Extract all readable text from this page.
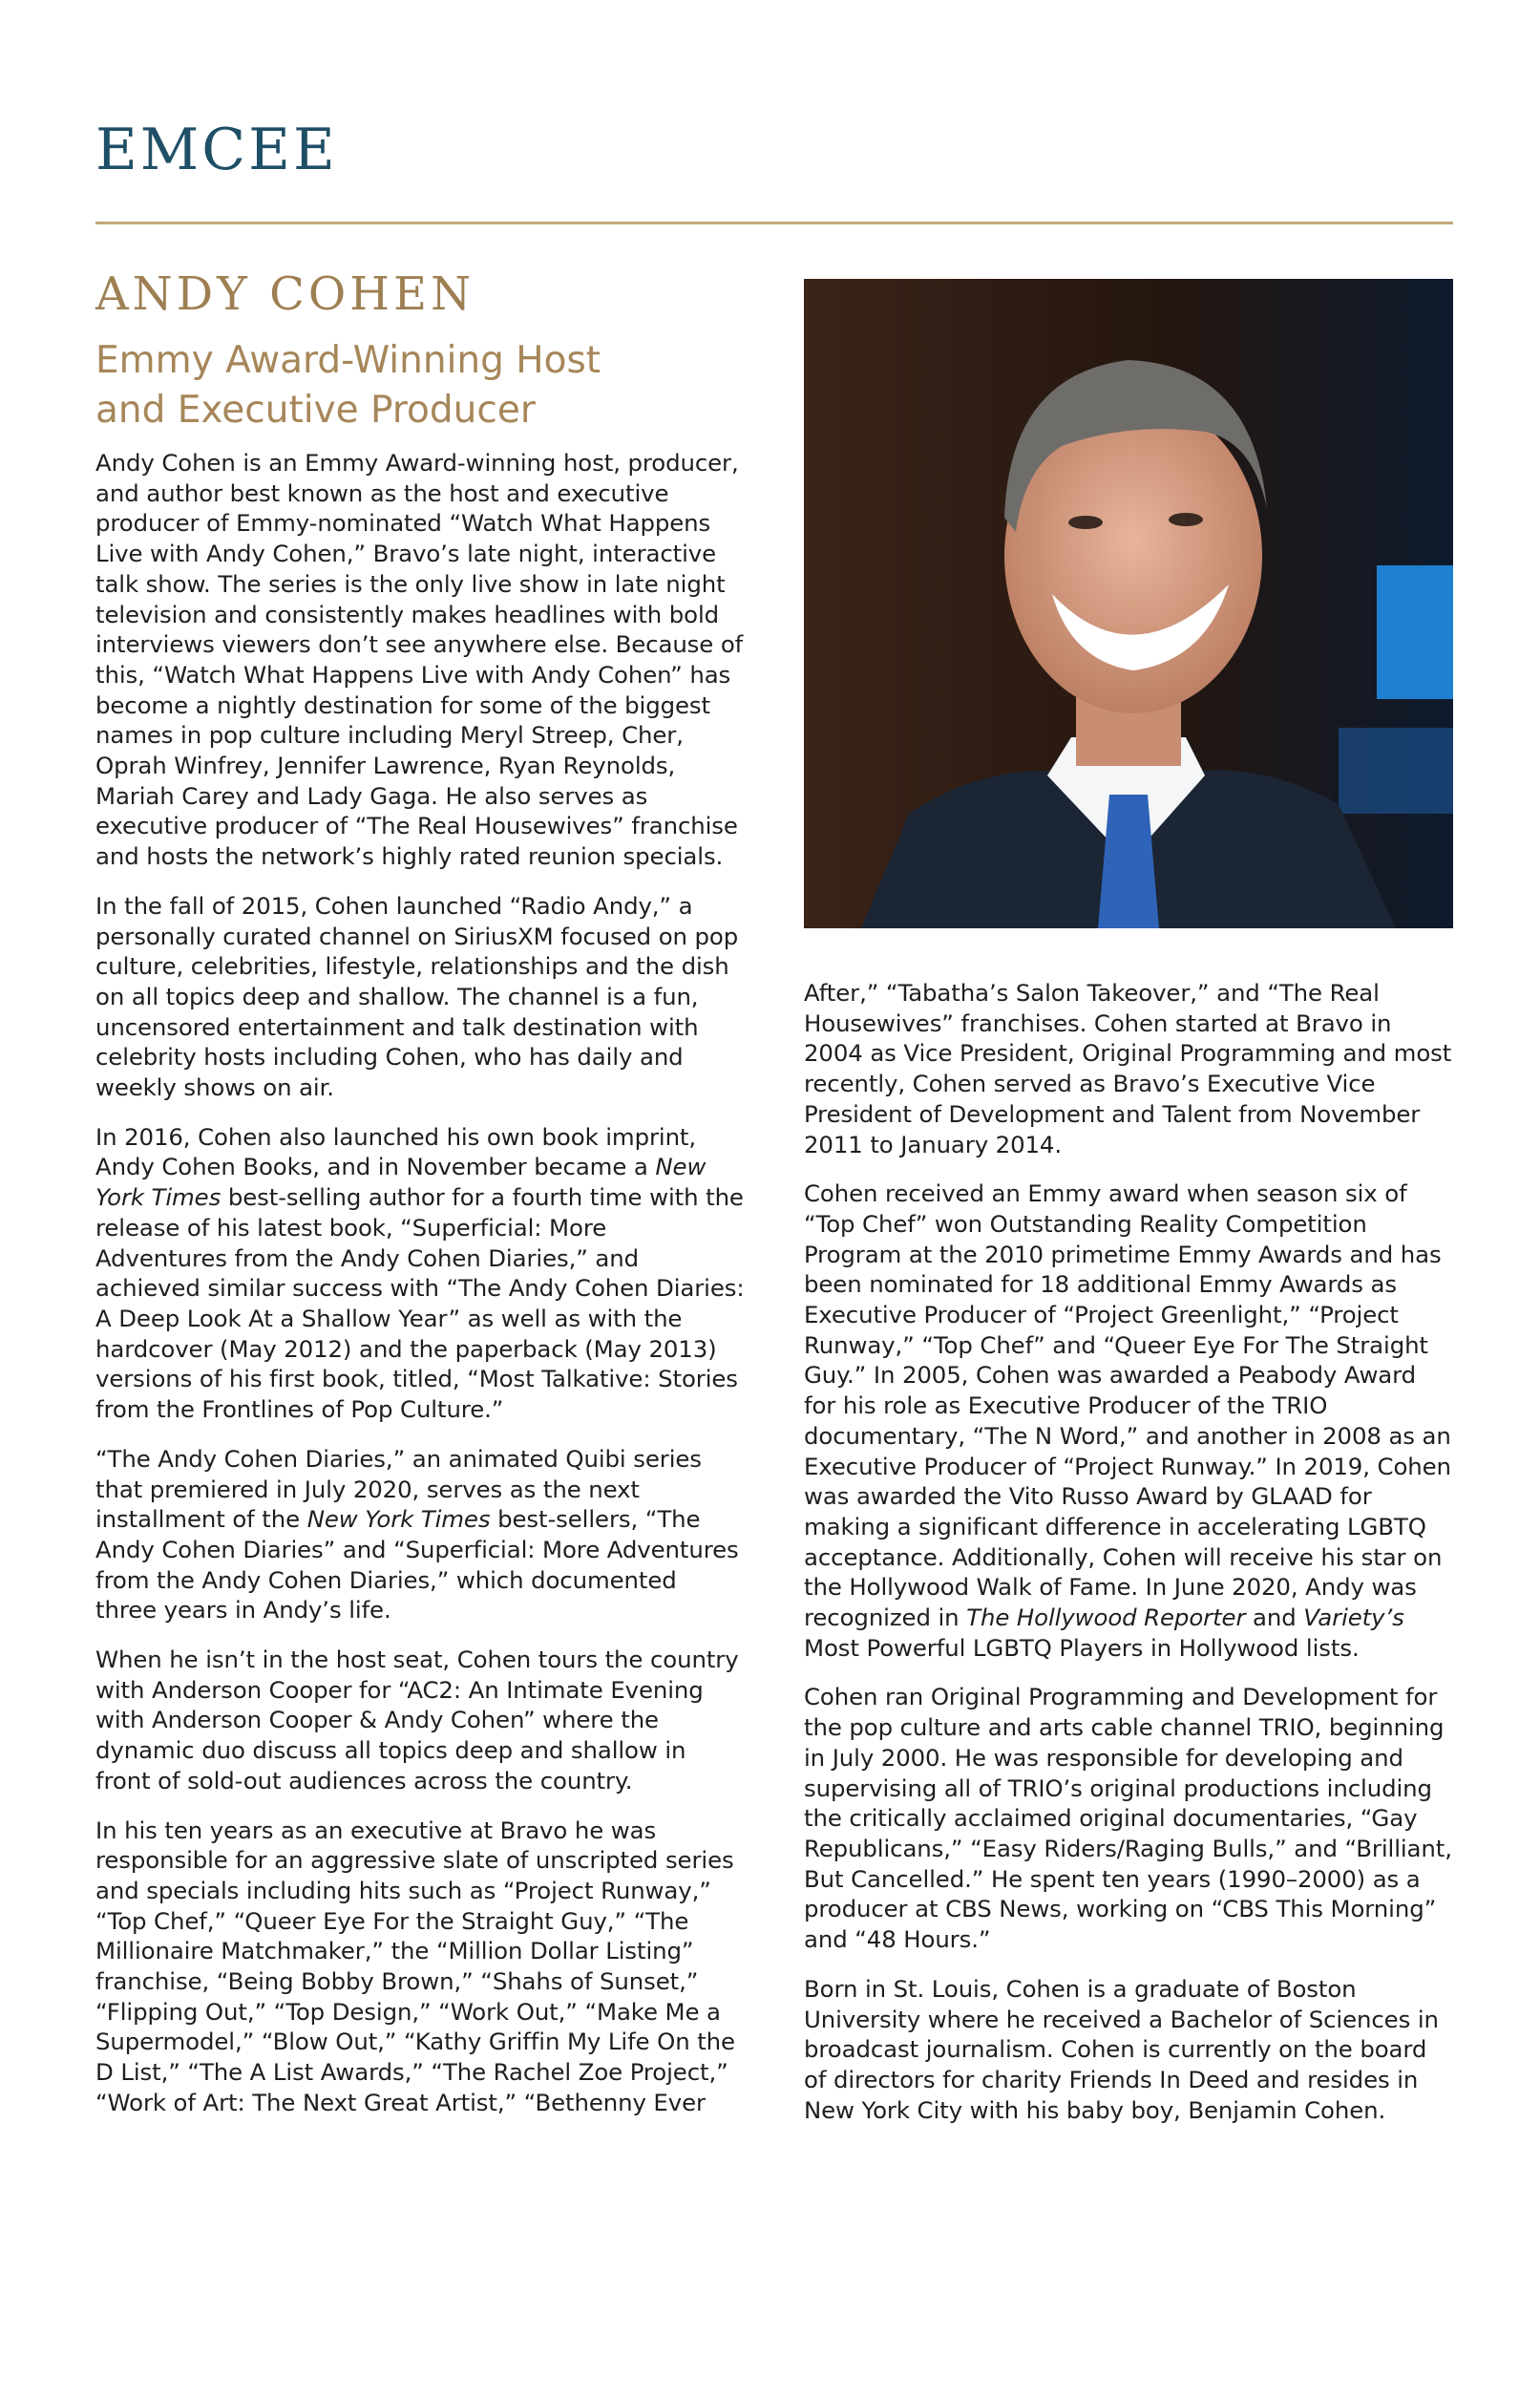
EMCEE
ANDY COHEN
Emmy Award-Winning Host
and Executive Producer

Andy Cohen is an Emmy Award-winning host, producer, and author best known as the host and executive producer of Emmy-nominated “Watch What Happens Live with Andy Cohen,” Bravo’s late night, interactive talk show. The series is the only live show in late night television and consistently makes headlines with bold interviews viewers don’t see anywhere else. Because of this, “Watch What Happens Live with Andy Cohen” has become a nightly destination for some of the biggest names in pop culture including Meryl Streep, Cher, Oprah Winfrey, Jennifer Lawrence, Ryan Reynolds, Mariah Carey and Lady Gaga. He also serves as executive producer of “The Real Housewives” franchise and hosts the network’s highly rated reunion specials.

In the fall of 2015, Cohen launched “Radio Andy,” a personally curated channel on SiriusXM focused on pop culture, celebrities, lifestyle, relationships and the dish on all topics deep and shallow. The channel is a fun, uncensored entertainment and talk destination with celebrity hosts including Cohen, who has daily and weekly shows on air.

In 2016, Cohen also launched his own book imprint, Andy Cohen Books, and in November became a New York Times best-selling author for a fourth time with the release of his latest book, “Superficial: More Adventures from the Andy Cohen Diaries,” and achieved similar success with “The Andy Cohen Diaries: A Deep Look At a Shallow Year” as well as with the hardcover (May 2012) and the paperback (May 2013) versions of his first book, titled, “Most Talkative: Stories from the Frontlines of Pop Culture.”

“The Andy Cohen Diaries,” an animated Quibi series that premiered in July 2020, serves as the next installment of the New York Times best-sellers, “The Andy Cohen Diaries” and “Superficial: More Adventures from the Andy Cohen Diaries,” which documented three years in Andy’s life.

When he isn’t in the host seat, Cohen tours the country with Anderson Cooper for “AC2: An Intimate Evening with Anderson Cooper & Andy Cohen” where the dynamic duo discuss all topics deep and shallow in front of sold-out audiences across the country.

In his ten years as an executive at Bravo he was responsible for an aggressive slate of unscripted series and specials including hits such as “Project Runway,” “Top Chef,” “Queer Eye For the Straight Guy,” “The Millionaire Matchmaker,” the “Million Dollar Listing” franchise, “Being Bobby Brown,” “Shahs of Sunset,” “Flipping Out,” “Top Design,” “Work Out,” “Make Me a Supermodel,” “Blow Out,” “Kathy Griffin My Life On the D List,” “The A List Awards,” “The Rachel Zoe Project,” “Work of Art: The Next Great Artist,” “Bethenny Ever

After,” “Tabatha’s Salon Takeover,” and “The Real Housewives” franchises. Cohen started at Bravo in 2004 as Vice President, Original Programming and most recently, Cohen served as Bravo’s Executive Vice President of Development and Talent from November 2011 to January 2014.

Cohen received an Emmy award when season six of “Top Chef” won Outstanding Reality Competition Program at the 2010 primetime Emmy Awards and has been nominated for 18 additional Emmy Awards as Executive Producer of “Project Greenlight,” “Project Runway,” “Top Chef” and “Queer Eye For The Straight Guy.” In 2005, Cohen was awarded a Peabody Award for his role as Executive Producer of the TRIO documentary, “The N Word,” and another in 2008 as an Executive Producer of “Project Runway.” In 2019, Cohen was awarded the Vito Russo Award by GLAAD for making a significant difference in accelerating LGBTQ acceptance. Additionally, Cohen will receive his star on the Hollywood Walk of Fame. In June 2020, Andy was recognized in The Hollywood Reporter and Variety’s Most Powerful LGBTQ Players in Hollywood lists.

Cohen ran Original Programming and Development for the pop culture and arts cable channel TRIO, beginning in July 2000. He was responsible for developing and supervising all of TRIO’s original productions including the critically acclaimed original documentaries, “Gay Republicans,” “Easy Riders/Raging Bulls,” and “Brilliant, But Cancelled.” He spent ten years (1990–2000) as a producer at CBS News, working on “CBS This Morning” and “48 Hours.”

Born in St. Louis, Cohen is a graduate of Boston University where he received a Bachelor of Sciences in broadcast journalism. Cohen is currently on the board of directors for charity Friends In Deed and resides in New York City with his baby boy, Benjamin Cohen.
